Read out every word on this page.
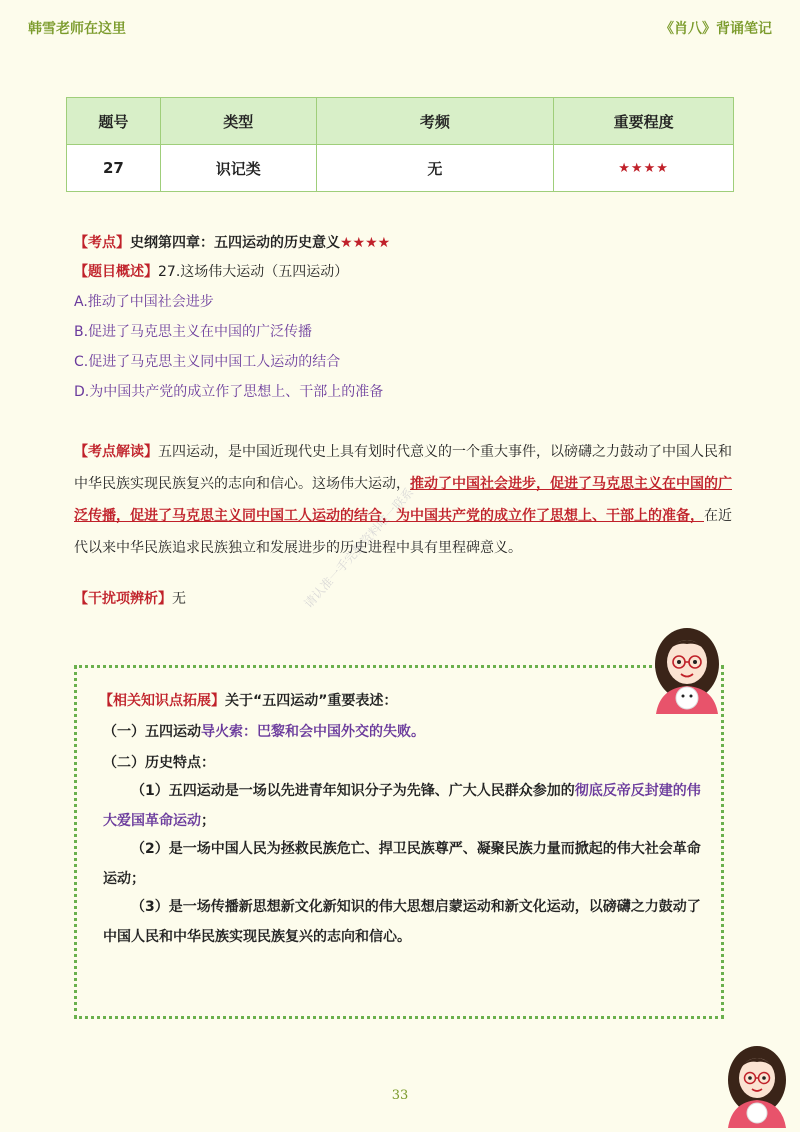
韩雪老师在这里	《肖八》背诵笔记
题号	类型	考频	重要程度
27	识记类	无	★★★★
【考点】史纲第四章：五四运动的历史意义★★★★
【题目概述】27.这场伟大运动（五四运动）
A.推动了中国社会进步
B.促进了马克思主义在中国的广泛传播
C.促进了马克思主义同中国工人运动的结合
D.为中国共产党的成立作了思想上、干部上的准备
【考点解读】五四运动，是中国近现代史上具有划时代意义的一个重大事件，以磅礴之力鼓动了中国人民和中华民族实现民族复兴的志向和信心。这场伟大运动，推动了中国社会进步，促进了马克思主义在中国的广泛传播，促进了马克思主义同中国工人运动的结合，为中国共产党的成立作了思想上、干部上的准备，在近代以来中华民族追求民族独立和发展进步的历史进程中具有里程碑意义。
【干扰项辨析】无	请认准一手完整资料唯一联系
【相关知识点拓展】关于“五四运动”重要表述：
（一）五四运动导火索：巴黎和会中国外交的失败。
（二）历史特点：
（1）五四运动是一场以先进青年知识分子为先锋、广大人民群众参加的彻底反帝反封建的伟大爱国革命运动；
（2）是一场中国人民为拯救民族危亡、捍卫民族尊严、凝聚民族力量而掀起的伟大社会革命运动；
（3）是一场传播新思想新文化新知识的伟大思想启蒙运动和新文化运动，以磅礴之力鼓动了中国人民和中华民族实现民族复兴的志向和信心。
33
